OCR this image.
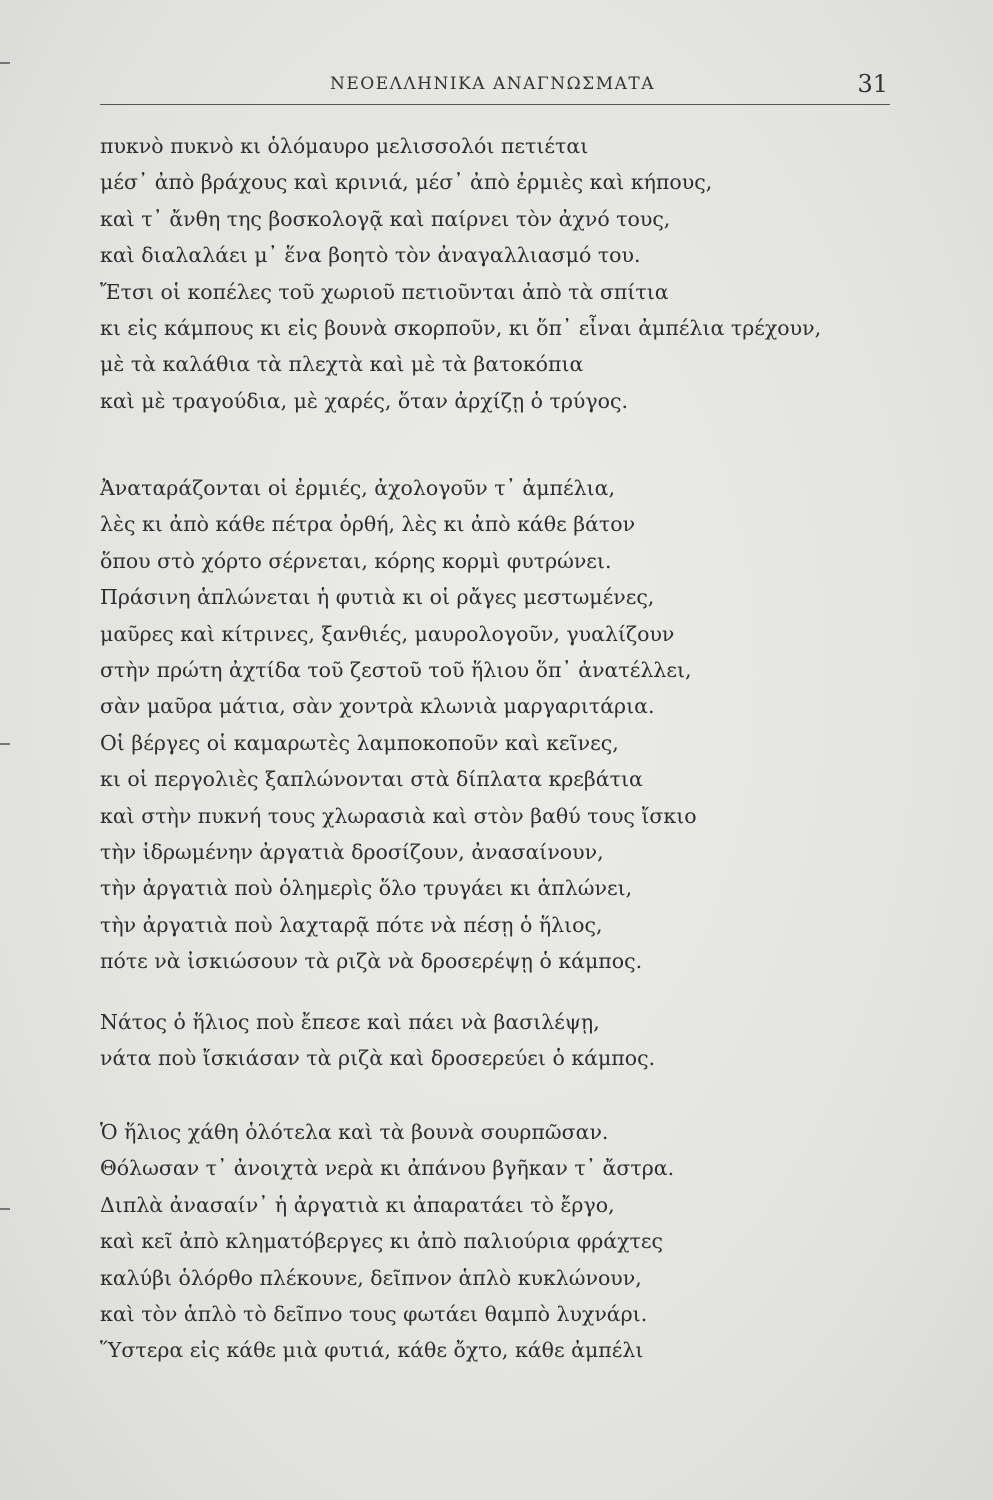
ΝΕΟΕΛΛΗΝΙΚΑ ΑΝΑΓΝΩΣΜΑΤΑ	31
πυκνὸ πυκνὸ κι ὁλόμαυρο μελισσολόι πετιέται
μέσ᾽ ἀπὸ βράχους καὶ κρινιά, μέσ᾽ ἀπὸ ἐρμιὲς καὶ κήπους,
καὶ τ᾽ ἄνθη της βοσκολογᾷ καὶ παίρνει τὸν ἀχνό τους,
καὶ διαλαλάει μ᾽ ἕνα βοητὸ τὸν ἀναγαλλιασμό του.
Ἔτσι οἱ κοπέλες τοῦ χωριοῦ πετιοῦνται ἀπὸ τὰ σπίτια
κι εἰς κάμπους κι εἰς βουνὰ σκορποῦν, κι ὅπ᾽ εἶναι ἀμπέλια τρέχουν,
μὲ τὰ καλάθια τὰ πλεχτὰ καὶ μὲ τὰ βατοκόπια
καὶ μὲ τραγούδια, μὲ χαρές, ὅταν ἀρχίζῃ ὁ τρύγος.
Ἀναταράζονται οἱ ἐρμιές, ἀχολογοῦν τ᾽ ἀμπέλια,
λὲς κι ἀπὸ κάθε πέτρα ὀρθή, λὲς κι ἀπὸ κάθε βάτον
ὅπου στὸ χόρτο σέρνεται, κόρης κορμὶ φυτρώνει.
Πράσινη ἁπλώνεται ἡ φυτιὰ κι οἱ ρἄγες μεστωμένες,
μαῦρες καὶ κίτρινες, ξανθιές, μαυρολογοῦν, γυαλίζουν
στὴν πρώτη ἀχτίδα τοῦ ζεστοῦ τοῦ ἥλιου ὅπ᾽ ἀνατέλλει,
σὰν μαῦρα μάτια, σὰν χοντρὰ κλωνιὰ μαργαριτάρια.
Οἱ βέργες οἱ καμαρωτὲς λαμποκοποῦν καὶ κεῖνες,
κι οἱ περγολιὲς ξαπλώνονται στὰ δίπλατα κρεβάτια
καὶ στὴν πυκνή τους χλωρασιὰ καὶ στὸν βαθύ τους ἴσκιο
τὴν ἱδρωμένην ἀργατιὰ δροσίζουν, ἀνασαίνουν,
τὴν ἀργατιὰ ποὺ ὁλημερὶς ὅλο τρυγάει κι ἁπλώνει,
τὴν ἀργατιὰ ποὺ λαχταρᾷ πότε νὰ πέσῃ ὁ ἥλιος,
πότε νὰ ἰσκιώσουν τὰ ριζὰ νὰ δροσερέψῃ ὁ κάμπος.
Νάτος ὁ ἥλιος ποὺ ἔπεσε καὶ πάει νὰ βασιλέψῃ,
νάτα ποὺ ἴσκιάσαν τὰ ριζὰ καὶ δροσερεύει ὁ κάμπος.
Ὁ ἥλιος χάθη ὁλότελα καὶ τὰ βουνὰ σουρπῶσαν.
Θόλωσαν τ᾽ ἀνοιχτὰ νερὰ κι ἀπάνου βγῆκαν τ᾽ ἄστρα.
Διπλὰ ἀνασαίν᾽ ἡ ἀργατιὰ κι ἀπαρατάει τὸ ἔργο,
καὶ κεῖ ἀπὸ κληματόβεργες κι ἀπὸ παλιούρια φράχτες
καλύβι ὁλόρθο πλέκουνε, δεῖπνον ἁπλὸ κυκλώνουν,
καὶ τὸν ἁπλὸ τὸ δεῖπνο τους φωτάει θαμπὸ λυχνάρι.
Ὕστερα εἰς κάθε μιὰ φυτιά, κάθε ὄχτο, κάθε ἀμπέλι
